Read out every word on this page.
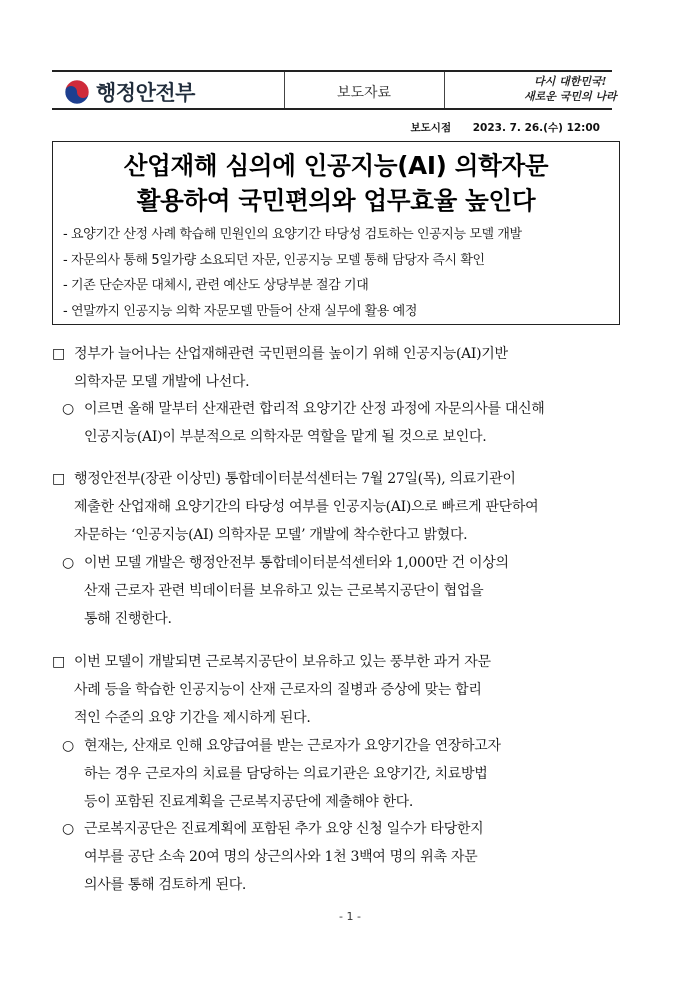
행정안전부	보도자료
다시 대한민국!
새로운 국민의 나라
보도시점 2023. 7. 26.(수) 12:00
산업재해 심의에 인공지능(AI) 의학자문
활용하여 국민편의와 업무효율 높인다
- 요양기간 산정 사례 학습해 민원인의 요양기간 타당성 검토하는 인공지능 모델 개발
- 자문의사 통해 5일가량 소요되던 자문, 인공지능 모델 통해 담당자 즉시 확인
- 기존 단순자문 대체시, 관련 예산도 상당부분 절감 기대
- 연말까지 인공지능 의학 자문모델 만들어 산재 실무에 활용 예정
□ 정부가 늘어나는 산업재해관련 국민편의를 높이기 위해 인공지능(AI)기반
의학자문 모델 개발에 나선다.
○ 이르면 올해 말부터 산재관련 합리적 요양기간 산정 과정에 자문의사를 대신해
인공지능(AI)이 부분적으로 의학자문 역할을 맡게 될 것으로 보인다.
□ 행정안전부(장관 이상민) 통합데이터분석센터는 7월 27일(목), 의료기관이
제출한 산업재해 요양기간의 타당성 여부를 인공지능(AI)으로 빠르게 판단하여
자문하는 ‘인공지능(AI) 의학자문 모델’ 개발에 착수한다고 밝혔다.
○ 이번 모델 개발은 행정안전부 통합데이터분석센터와 1,000만 건 이상의
산재 근로자 관련 빅데이터를 보유하고 있는 근로복지공단이 협업을
통해 진행한다.
□ 이번 모델이 개발되면 근로복지공단이 보유하고 있는 풍부한 과거 자문
사례 등을 학습한 인공지능이 산재 근로자의 질병과 증상에 맞는 합리
적인 수준의 요양 기간을 제시하게 된다.
○ 현재는, 산재로 인해 요양급여를 받는 근로자가 요양기간을 연장하고자
하는 경우 근로자의 치료를 담당하는 의료기관은 요양기간, 치료방법
등이 포함된 진료계획을 근로복지공단에 제출해야 한다.
○ 근로복지공단은 진료계획에 포함된 추가 요양 신청 일수가 타당한지
여부를 공단 소속 20여 명의 상근의사와 1천 3백여 명의 위촉 자문
의사를 통해 검토하게 된다.
- 1 -
